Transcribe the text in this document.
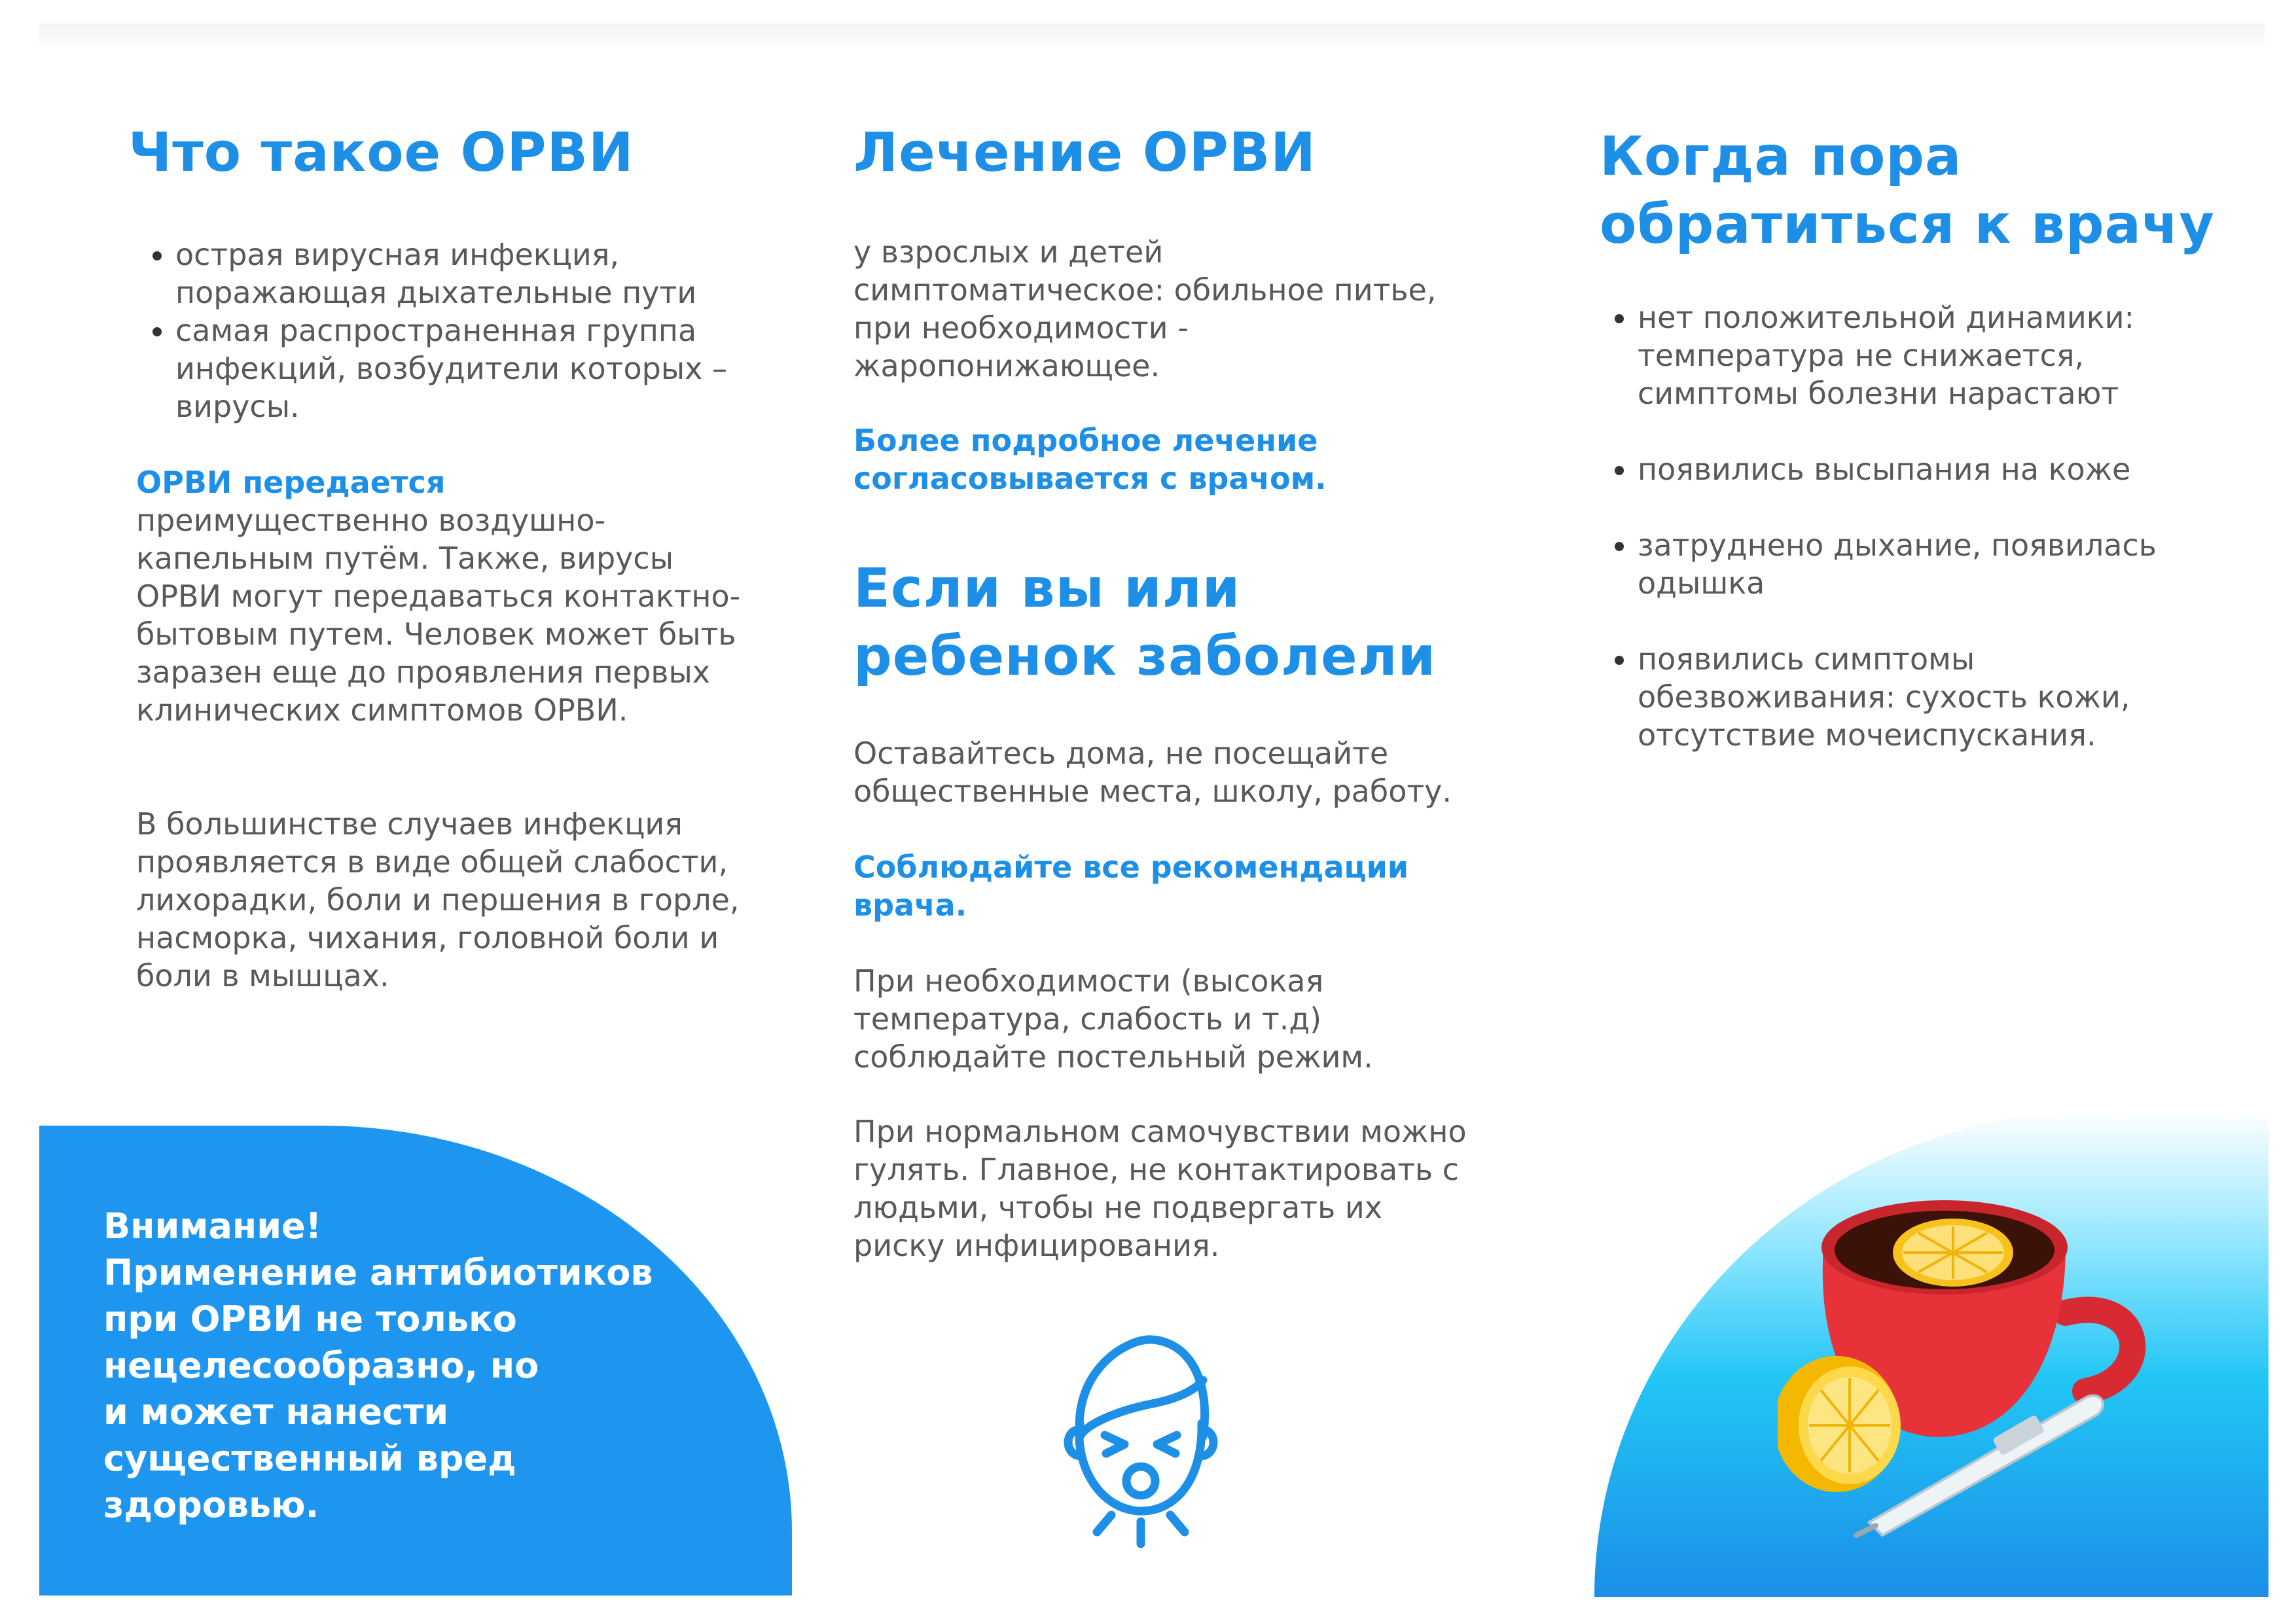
Что такое ОРВИ
• острая вирусная инфекция, поражающая дыхательные пути
• самая распространенная группа инфекций, возбудители которых – вирусы.
ОРВИ передается
преимущественно воздушно-капельным путём. Также, вирусы ОРВИ могут передаваться контактно-бытовым путем. Человек может быть заразен еще до проявления первых клинических симптомов ОРВИ.
В большинстве случаев инфекция проявляется в виде общей слабости, лихорадки, боли и першения в горле, насморка, чихания, головной боли и боли в мышцах.
Внимание!
Применение антибиотиков
при ОРВИ не только
нецелесообразно, но
и может нанести
существенный вред
здоровью.
Лечение ОРВИ
у взрослых и детей симптоматическое: обильное питье, при необходимости - жаропонижающее.
Более подробное лечение согласовывается с врачом.
Если вы или ребенок заболели
Оставайтесь дома, не посещайте общественные места, школу, работу.
Соблюдайте все рекомендации врача.
При необходимости (высокая температура, слабость и т.д) соблюдайте постельный режим.
При нормальном самочувствии можно гулять. Главное, не контактировать с людьми, чтобы не подвергать их риску инфицирования.
Когда пора
обратиться к врачу
• нет положительной динамики: температура не снижается, симптомы болезни нарастают
• появились высыпания на коже
• затруднено дыхание, появилась одышка
• появились симптомы обезвоживания: сухость кожи, отсутствие мочеиспускания.
